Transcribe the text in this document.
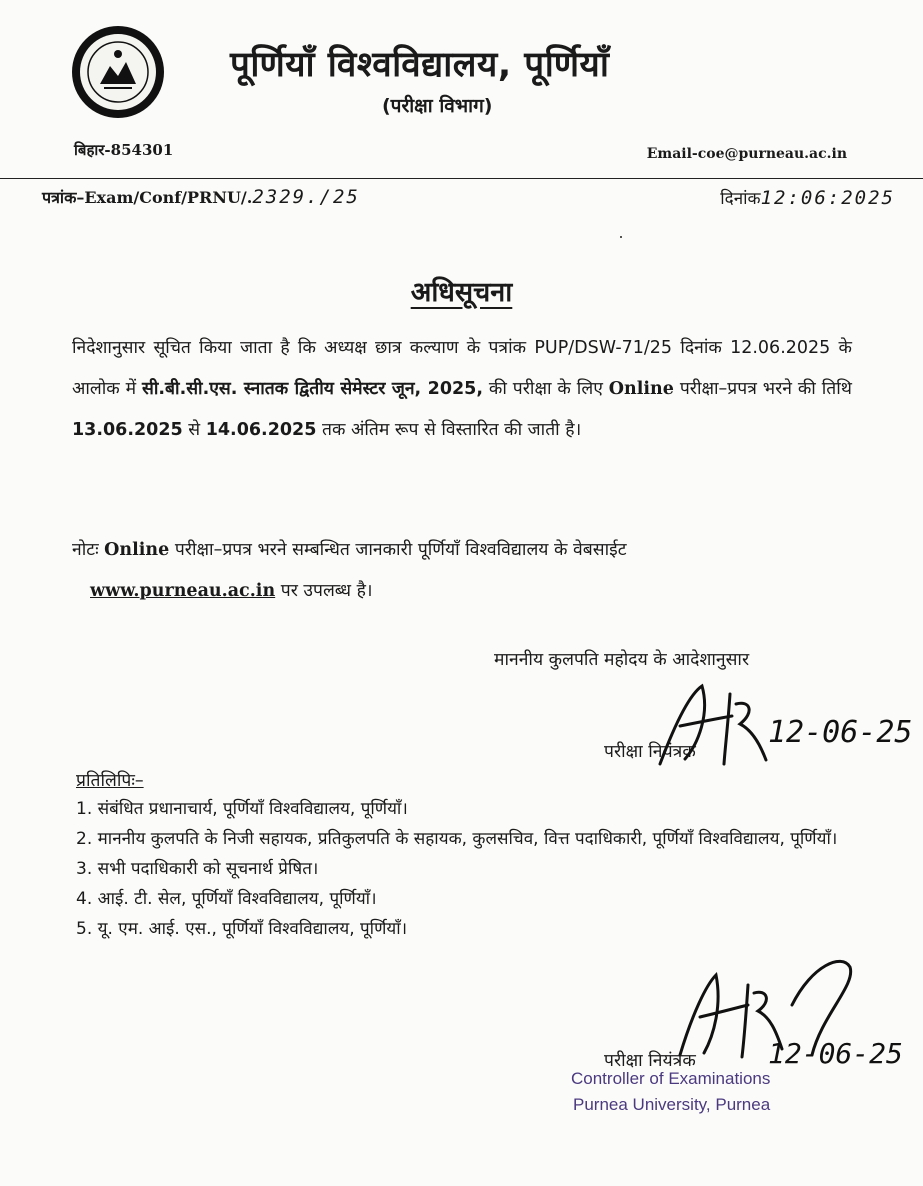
पूर्णियाँ विश्वविद्यालय, पूर्णियाँ
(परीक्षा विभाग)
बिहार-854301	Email-coe@purneau.ac.in
पत्रांक–Exam/Conf/PRNU/.2329./25	दिनांक12:06:2025
अधिसूचना
निदेशानुसार सूचित किया जाता है कि अध्यक्ष छात्र कल्याण के पत्रांक PUP/DSW-71/25 दिनांक 12.06.2025 के आलोक में सी.बी.सी.एस. स्नातक द्वितीय सेमेस्टर जून, 2025, की परीक्षा के लिए Online परीक्षा–प्रपत्र भरने की तिथि 13.06.2025 से 14.06.2025 तक अंतिम रूप से विस्तारित की जाती है।
नोटः Online परीक्षा–प्रपत्र भरने सम्बन्धित जानकारी पूर्णियाँ विश्वविद्यालय के वेबसाईट
www.purneau.ac.in पर उपलब्ध है।
माननीय कुलपति महोदय के आदेशानुसार
परीक्षा नियंत्रक
12-06-25
प्रतिलिपिः–
1. संबंधित प्रधानाचार्य, पूर्णियाँ विश्वविद्यालय, पूर्णियाँ।
2. माननीय कुलपति के निजी सहायक, प्रतिकुलपति के सहायक, कुलसचिव, वित्त पदाधिकारी, पूर्णियाँ विश्वविद्यालय, पूर्णियाँ।
3. सभी पदाधिकारी को सूचनार्थ प्रेषित।
4. आई. टी. सेल, पूर्णियाँ विश्वविद्यालय, पूर्णियाँ।
5. यू. एम. आई. एस., पूर्णियाँ विश्वविद्यालय, पूर्णियाँ।
12-06-25
परीक्षा नियंत्रक
Controller of Examinations
Purnea University, Purnea
